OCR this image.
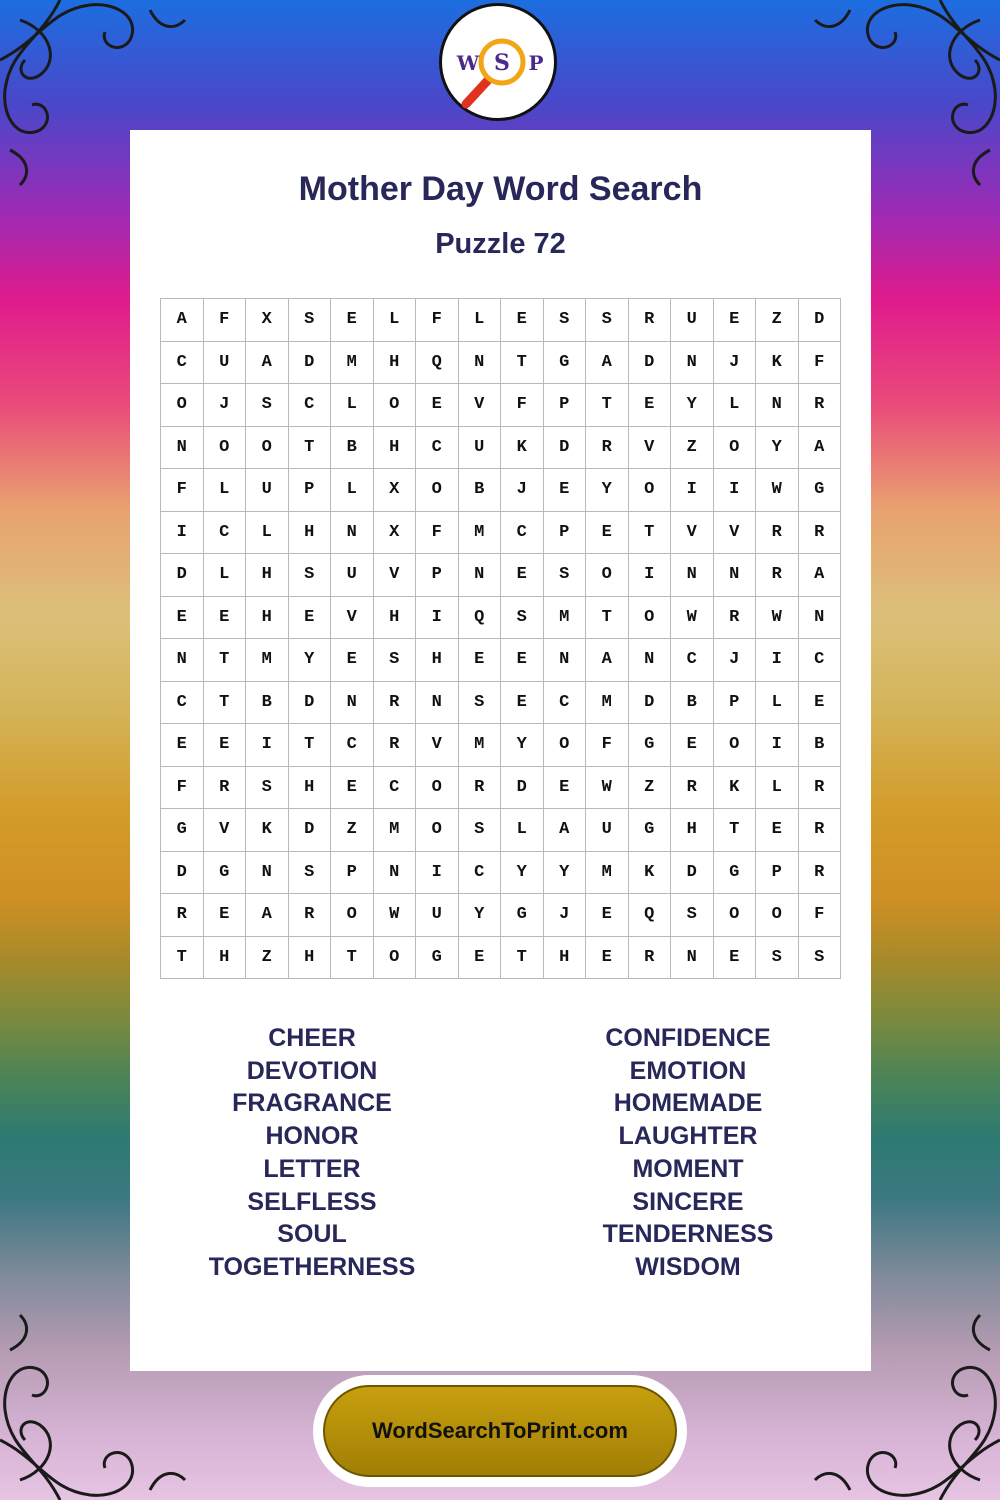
S
W P
Mother Day Word Search
Puzzle 72
A	F	X	S	E	L	F	L	E	S	S	R	U	E	Z	D
C	U	A	D	M	H	Q	N	T	G	A	D	N	J	K	F
O	J	S	C	L	O	E	V	F	P	T	E	Y	L	N	R
N	O	O	T	B	H	C	U	K	D	R	V	Z	O	Y	A
F	L	U	P	L	X	O	B	J	E	Y	O	I	I	W	G
I	C	L	H	N	X	F	M	C	P	E	T	V	V	R	R
D	L	H	S	U	V	P	N	E	S	O	I	N	N	R	A
E	E	H	E	V	H	I	Q	S	M	T	O	W	R	W	N
N	T	M	Y	E	S	H	E	E	N	A	N	C	J	I	C
C	T	B	D	N	R	N	S	E	C	M	D	B	P	L	E
E	E	I	T	C	R	V	M	Y	O	F	G	E	O	I	B
F	R	S	H	E	C	O	R	D	E	W	Z	R	K	L	R
G	V	K	D	Z	M	O	S	L	A	U	G	H	T	E	R
D	G	N	S	P	N	I	C	Y	Y	M	K	D	G	P	R
R	E	A	R	O	W	U	Y	G	J	E	Q	S	O	O	F
T	H	Z	H	T	O	G	E	T	H	E	R	N	E	S	S
CHEER
DEVOTION
FRAGRANCE
HONOR
LETTER
SELFLESS
SOUL
TOGETHERNESS
CONFIDENCE
EMOTION
HOMEMADE
LAUGHTER
MOMENT
SINCERE
TENDERNESS
WISDOM
WordSearchToPrint.com
